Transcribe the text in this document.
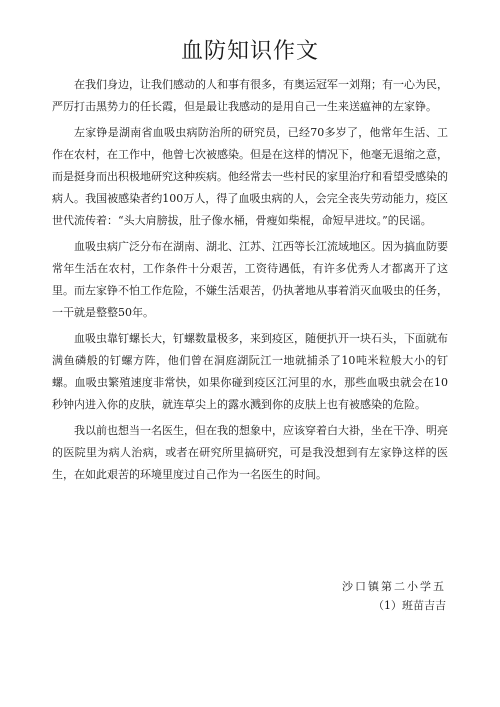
血防知识作文

在我们身边，让我们感动的人和事有很多，有奥运冠军一刘翔；有一心为民，严厉打击黑势力的任长霞，但是最让我感动的是用自己一生来送瘟神的左家铮。

左家铮是湖南省血吸虫病防治所的研究员，已经70多岁了，他常年生活、工作在农村，在工作中，他曾七次被感染。但是在这样的情况下，他毫无退缩之意，而是挺身而出积极地研究这种疾病。他经常去一些村民的家里治疗和看望受感染的病人。我国被感染者约100万人，得了血吸虫病的人，会完全丧失劳动能力，疫区世代流传着：“头大肩膀拔，肚子像水桶，骨瘦如柴棍，命短早进坟。”的民谣。

血吸虫病广泛分布在湖南、湖北、江苏、江西等长江流域地区。因为搞血防要常年生活在农村，工作条件十分艰苦，工资待遇低，有许多优秀人才都离开了这里。而左家铮不怕工作危险，不嫌生活艰苦，仍执著地从事着消灭血吸虫的任务，一干就是整整50年。

血吸虫靠钉螺长大，钉螺数量极多，来到疫区，随便扒开一块石头，下面就布满鱼磷般的钉螺方阵，他们曾在洞庭湖阮江一地就捕杀了10吨米粒般大小的钉螺。血吸虫繁殖速度非常快，如果你碰到疫区江河里的水，那些血吸虫就会在10秒钟内进入你的皮肤，就连草尖上的露水溅到你的皮肤上也有被感染的危险。

我以前也想当一名医生，但在我的想象中，应该穿着白大褂，坐在干净、明亮的医院里为病人治病，或者在研究所里搞研究，可是我没想到有左家铮这样的医生，在如此艰苦的环境里度过自己作为一名医生的时间。

沙口镇第二小学五
（1）班苗吉吉
